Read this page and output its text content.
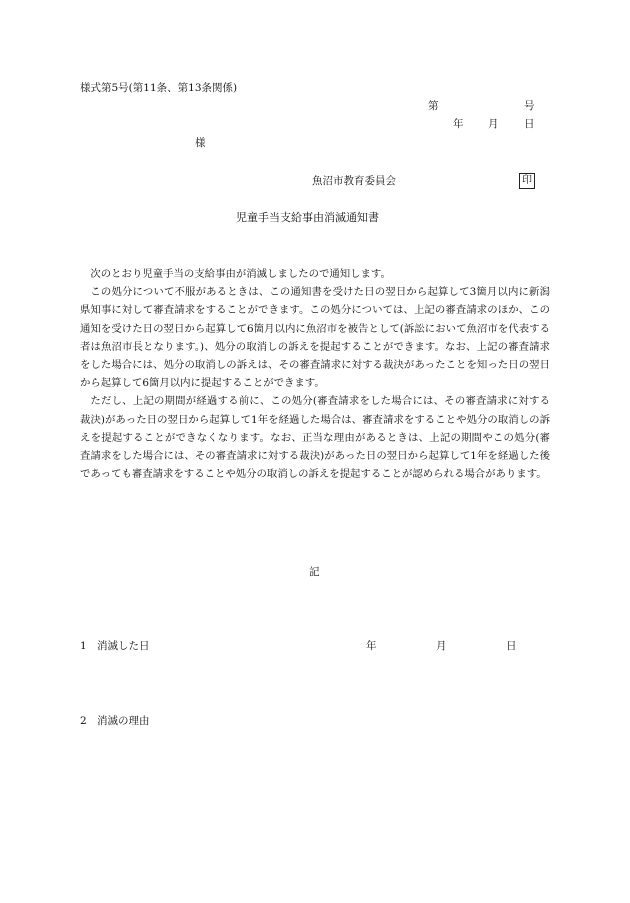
様式第5号(第11条、第13条関係)
第	号
年 月 日
様
魚沼市教育委員会	印
児童手当支給事由消滅通知書

次のとおり児童手当の支給事由が消滅しましたので通知します。

この処分について不服があるときは、この通知書を受けた日の翌日から起算して3箇月以内に新潟県知事に対して審査請求をすることができます。この処分については、上記の審査請求のほか、この通知を受けた日の翌日から起算して6箇月以内に魚沼市を被告として(訴訟において魚沼市を代表する者は魚沼市長となります。)、処分の取消しの訴えを提起することができます。なお、上記の審査請求をした場合には、処分の取消しの訴えは、その審査請求に対する裁決があったことを知った日の翌日から起算して6箇月以内に提起することができます。

ただし、上記の期間が経過する前に、この処分(審査請求をした場合には、その審査請求に対する裁決)があった日の翌日から起算して1年を経過した場合は、審査請求をすることや処分の取消しの訴えを提起することができなくなります。なお、正当な理由があるときは、上記の期間やこの処分(審査請求をした場合には、その審査請求に対する裁決)があった日の翌日から起算して1年を経過した後であっても審査請求をすることや処分の取消しの訴えを提起することが認められる場合があります。

記
1 消滅した日	年	月	日
2 消滅の理由
